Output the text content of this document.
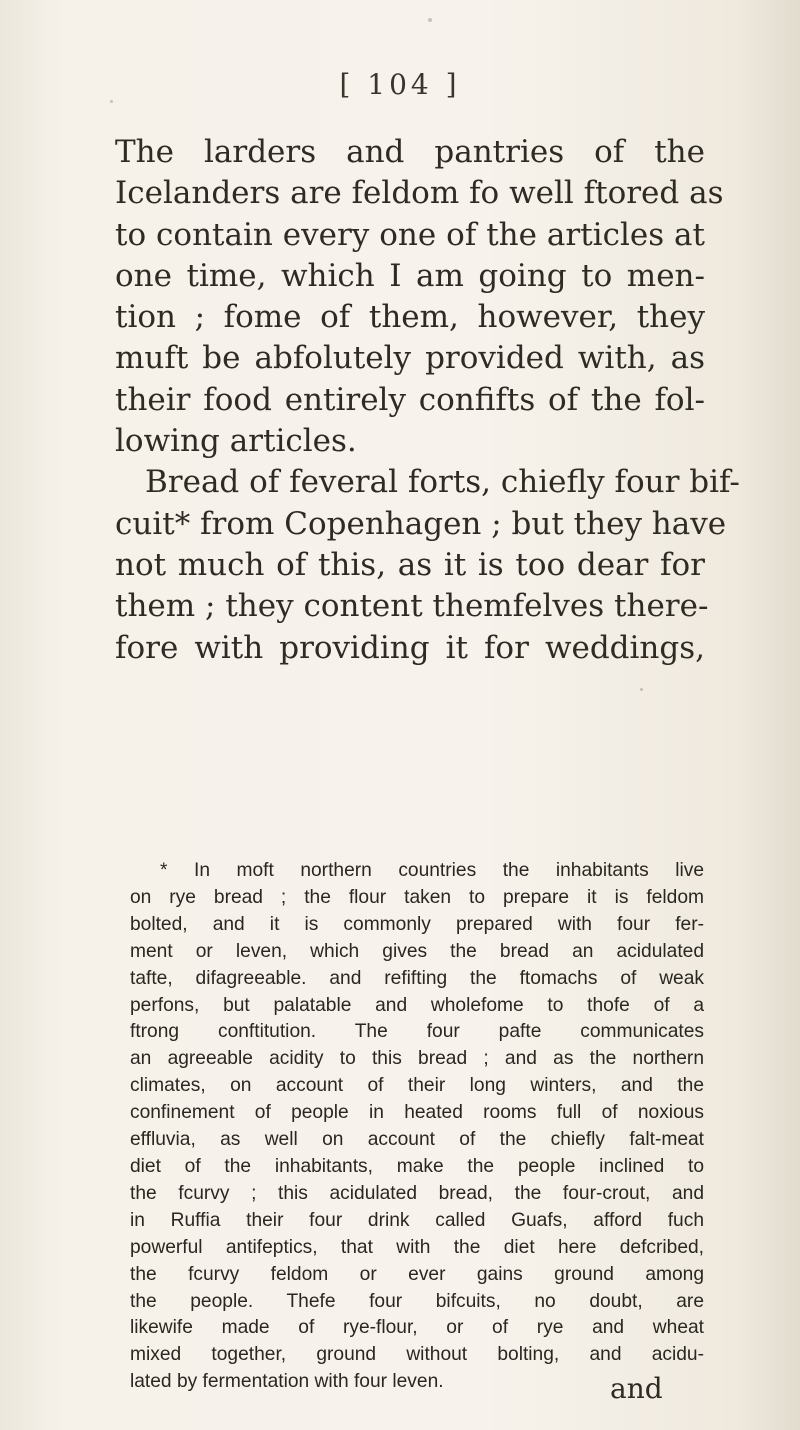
[ 104 ]
The larders and pantries of the
Icelanders are feldom fo well ftored as
to contain every one of the articles at
one time, which I am going to men-
tion ; fome of them, however, they
muft be abfolutely provided with, as
their food entirely confifts of the fol-
lowing articles.
Bread of feveral forts, chiefly four bif-
cuit* from Copenhagen ; but they have
not much of this, as it is too dear for
them ; they content themfelves there-
fore with providing it for weddings,
* In moft northern countries the inhabitants live
on rye bread ; the flour taken to prepare it is feldom
bolted, and it is commonly prepared with four fer-
ment or leven, which gives the bread an acidulated
tafte, difagreeable. and refifting the ftomachs of weak
perfons, but palatable and wholefome to thofe of a
ftrong conftitution. The four pafte communicates
an agreeable acidity to this bread ; and as the northern
climates, on account of their long winters, and the
confinement of people in heated rooms full of noxious
effluvia, as well on account of the chiefly falt-meat
diet of the inhabitants, make the people inclined to
the fcurvy ; this acidulated bread, the four-crout, and
in Ruffia their four drink called Guafs, afford fuch
powerful antifeptics, that with the diet here defcribed,
the fcurvy feldom or ever gains ground among
the people. Thefe four bifcuits, no doubt, are
likewife made of rye-flour, or of rye and wheat
mixed together, ground without bolting, and acidu-
lated by fermentation with four leven.	and
